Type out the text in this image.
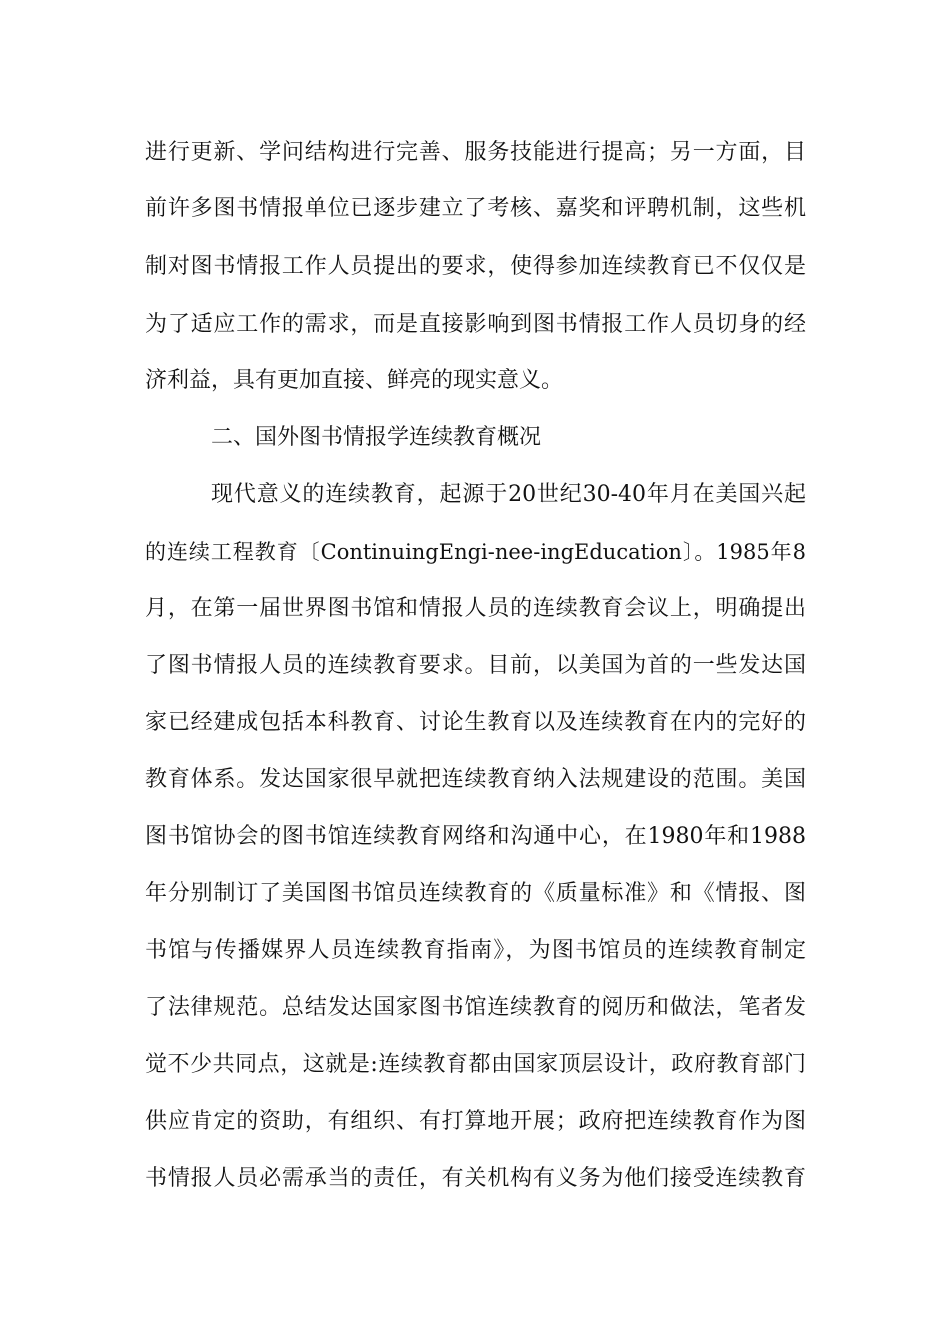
进行更新、学问结构进行完善、服务技能进行提高；另一方面，目
前许多图书情报单位已逐步建立了考核、嘉奖和评聘机制，这些机
制对图书情报工作人员提出的要求，使得参加连续教育已不仅仅是
为了适应工作的需求，而是直接影响到图书情报工作人员切身的经
济利益，具有更加直接、鲜亮的现实意义。
二、国外图书情报学连续教育概况
现代意义的连续教育，起源于20世纪30-40年月在美国兴起
的连续工程教育〔ContinuingEngi-nee-ingEducation〕。1985年8
月，在第一届世界图书馆和情报人员的连续教育会议上，明确提出
了图书情报人员的连续教育要求。目前，以美国为首的一些发达国
家已经建成包括本科教育、讨论生教育以及连续教育在内的完好的
教育体系。发达国家很早就把连续教育纳入法规建设的范围。美国
图书馆协会的图书馆连续教育网络和沟通中心，在1980年和1988
年分别制订了美国图书馆员连续教育的《质量标准》和《情报、图
书馆与传播媒界人员连续教育指南》，为图书馆员的连续教育制定
了法律规范。总结发达国家图书馆连续教育的阅历和做法，笔者发
觉不少共同点，这就是:连续教育都由国家顶层设计，政府教育部门
供应肯定的资助，有组织、有打算地开展；政府把连续教育作为图
书情报人员必需承当的责任，有关机构有义务为他们接受连续教育
